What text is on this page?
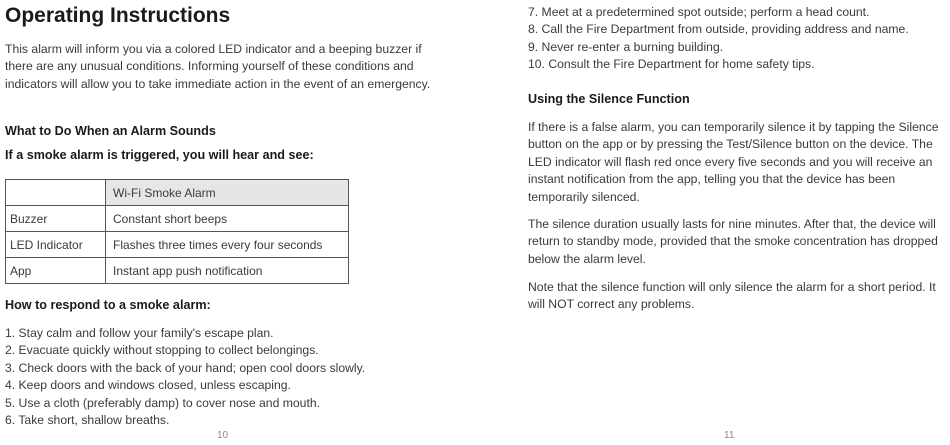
Operating Instructions

This alarm will inform you via a colored LED indicator and a beeping buzzer if there are any unusual conditions. Informing yourself of these conditions and indicators will allow you to take immediate action in the event of an emergency.

What to Do When an Alarm Sounds
If a smoke alarm is triggered, you will hear and see:
	Wi-Fi Smoke Alarm
Buzzer	Constant short beeps
LED Indicator	Flashes three times every four seconds
App	Instant app push notification
How to respond to a smoke alarm:
1. Stay calm and follow your family's escape plan.
2. Evacuate quickly without stopping to collect belongings.
3. Check doors with the back of your hand; open cool doors slowly.
4. Keep doors and windows closed, unless escaping.
5. Use a cloth (preferably damp) to cover nose and mouth.
6. Take short, shallow breaths.
10
7. Meet at a predetermined spot outside; perform a head count.
8. Call the Fire Department from outside, providing address and name.
9. Never re-enter a burning building.
10. Consult the Fire Department for home safety tips.
Using the Silence Function

If there is a false alarm, you can temporarily silence it by tapping the Silence button on the app or by pressing the Test/Silence button on the device. The LED indicator will flash red once every five seconds and you will receive an instant notification from the app, telling you that the device has been temporarily silenced.

The silence duration usually lasts for nine minutes. After that, the device will return to standby mode, provided that the smoke concentration has dropped below the alarm level.

Note that the silence function will only silence the alarm for a short period. It will NOT correct any problems.

11
